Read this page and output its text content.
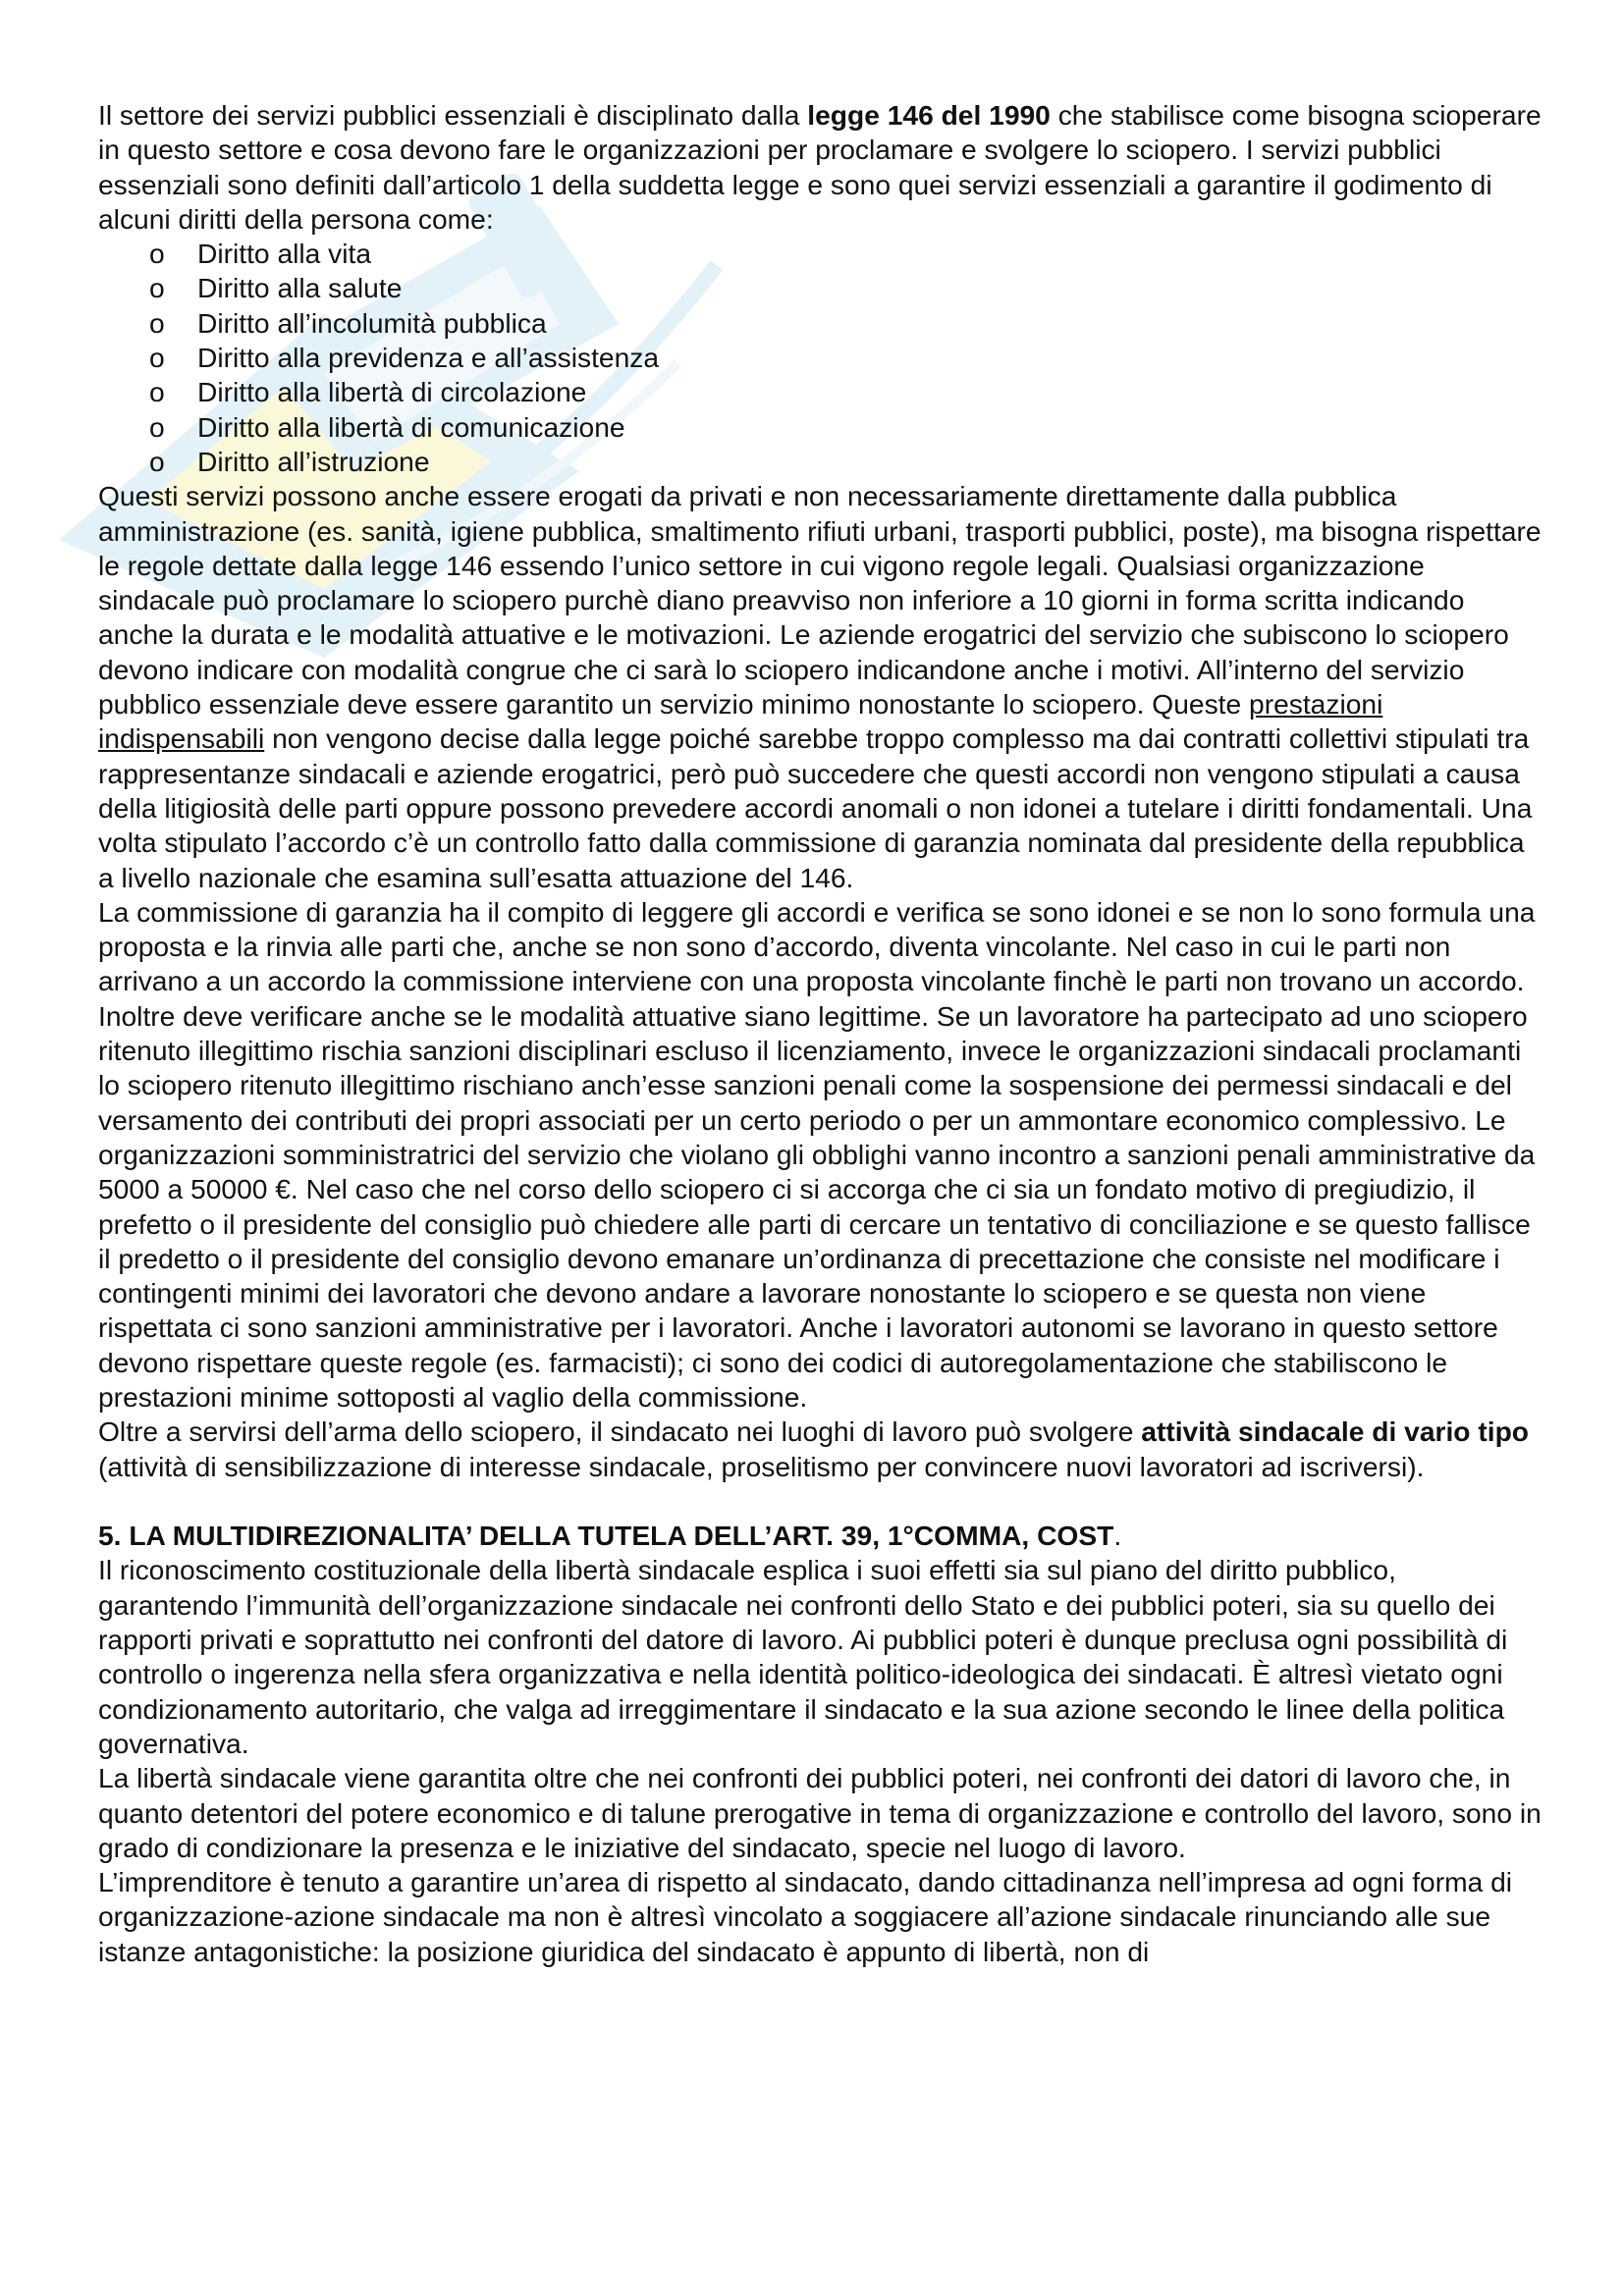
Il settore dei servizi pubblici essenziali è disciplinato dalla legge 146 del 1990 che stabilisce come bisogna scioperare in questo settore e cosa devono fare le organizzazioni per proclamare e svolgere lo sciopero. I servizi pubblici essenziali sono definiti dall’articolo 1 della suddetta legge e sono quei servizi essenziali a garantire il godimento di alcuni diritti della persona come:

o Diritto alla vita
o Diritto alla salute
o Diritto all’incolumità pubblica
o Diritto alla previdenza e all’assistenza
o Diritto alla libertà di circolazione
o Diritto alla libertà di comunicazione
o Diritto all’istruzione

Questi servizi possono anche essere erogati da privati e non necessariamente direttamente dalla pubblica amministrazione (es. sanità, igiene pubblica, smaltimento rifiuti urbani, trasporti pubblici, poste), ma bisogna rispettare le regole dettate dalla legge 146 essendo l’unico settore in cui vigono regole legali. Qualsiasi organizzazione sindacale può proclamare lo sciopero purchè diano preavviso non inferiore a 10 giorni in forma scritta indicando anche la durata e le modalità attuative e le motivazioni. Le aziende erogatrici del servizio che subiscono lo sciopero devono indicare con modalità congrue che ci sarà lo sciopero indicandone anche i motivi. All’interno del servizio pubblico essenziale deve essere garantito un servizio minimo nonostante lo sciopero. Queste prestazioni indispensabili non vengono decise dalla legge poiché sarebbe troppo complesso ma dai contratti collettivi stipulati tra rappresentanze sindacali e aziende erogatrici, però può succedere che questi accordi non vengono stipulati a causa della litigiosità delle parti oppure possono prevedere accordi anomali o non idonei a tutelare i diritti fondamentali. Una volta stipulato l’accordo c’è un controllo fatto dalla commissione di garanzia nominata dal presidente della repubblica a livello nazionale che esamina sull’esatta attuazione del 146.

La commissione di garanzia ha il compito di leggere gli accordi e verifica se sono idonei e se non lo sono formula una proposta e la rinvia alle parti che, anche se non sono d’accordo, diventa vincolante. Nel caso in cui le parti non arrivano a un accordo la commissione interviene con una proposta vincolante finchè le parti non trovano un accordo. Inoltre deve verificare anche se le modalità attuative siano legittime. Se un lavoratore ha partecipato ad uno sciopero ritenuto illegittimo rischia sanzioni disciplinari escluso il licenziamento, invece le organizzazioni sindacali proclamanti lo sciopero ritenuto illegittimo rischiano anch’esse sanzioni penali come la sospensione dei permessi sindacali e del versamento dei contributi dei propri associati per un certo periodo o per un ammontare economico complessivo. Le organizzazioni somministratrici del servizio che violano gli obblighi vanno incontro a sanzioni penali amministrative da 5000 a 50000 €. Nel caso che nel corso dello sciopero ci si accorga che ci sia un fondato motivo di pregiudizio, il prefetto o il presidente del consiglio può chiedere alle parti di cercare un tentativo di conciliazione e se questo fallisce il predetto o il presidente del consiglio devono emanare un’ordinanza di precettazione che consiste nel modificare i contingenti minimi dei lavoratori che devono andare a lavorare nonostante lo sciopero e se questa non viene rispettata ci sono sanzioni amministrative per i lavoratori. Anche i lavoratori autonomi se lavorano in questo settore devono rispettare queste regole (es. farmacisti); ci sono dei codici di autoregolamentazione che stabiliscono le prestazioni minime sottoposti al vaglio della commissione.

Oltre a servirsi dell’arma dello sciopero, il sindacato nei luoghi di lavoro può svolgere attività sindacale di vario tipo (attività di sensibilizzazione di interesse sindacale, proselitismo per convincere nuovi lavoratori ad iscriversi).

5. LA MULTIDIREZIONALITA’ DELLA TUTELA DELL’ART. 39, 1°COMMA, COST.

Il riconoscimento costituzionale della libertà sindacale esplica i suoi effetti sia sul piano del diritto pubblico, garantendo l’immunità dell’organizzazione sindacale nei confronti dello Stato e dei pubblici poteri, sia su quello dei rapporti privati e soprattutto nei confronti del datore di lavoro. Ai pubblici poteri è dunque preclusa ogni possibilità di controllo o ingerenza nella sfera organizzativa e nella identità politico-ideologica dei sindacati. È altresì vietato ogni condizionamento autoritario, che valga ad irreggimentare il sindacato e la sua azione secondo le linee della politica governativa.

La libertà sindacale viene garantita oltre che nei confronti dei pubblici poteri, nei confronti dei datori di lavoro che, in quanto detentori del potere economico e di talune prerogative in tema di organizzazione e controllo del lavoro, sono in grado di condizionare la presenza e le iniziative del sindacato, specie nel luogo di lavoro.

L’imprenditore è tenuto a garantire un’area di rispetto al sindacato, dando cittadinanza nell’impresa ad ogni forma di organizzazione-azione sindacale ma non è altresì vincolato a soggiacere all’azione sindacale rinunciando alle sue istanze antagonistiche: la posizione giuridica del sindacato è appunto di libertà, non di
